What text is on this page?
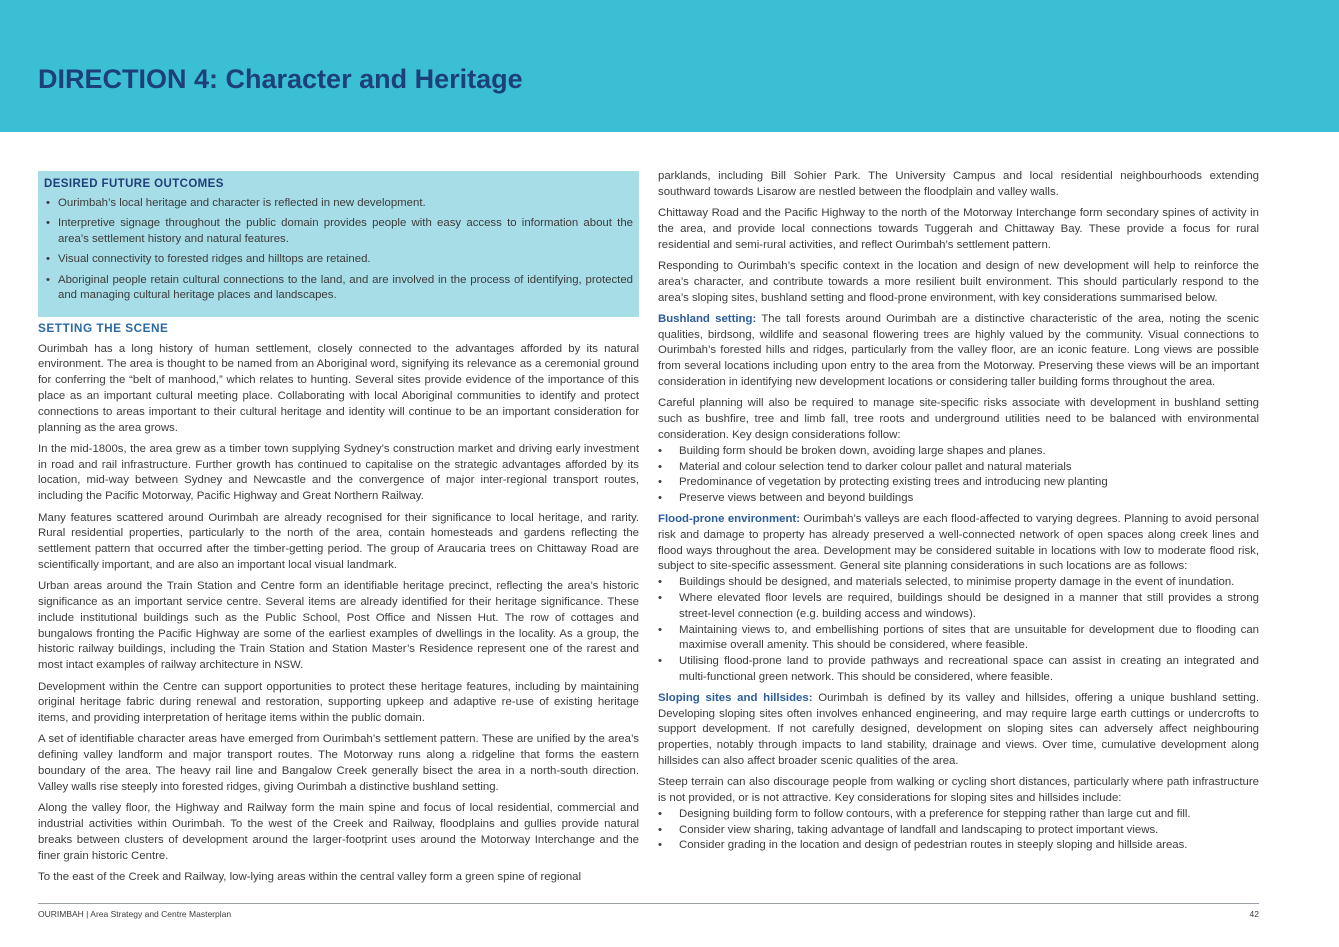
DIRECTION 4: Character and Heritage
DESIRED FUTURE OUTCOMES
• Ourimbah’s local heritage and character is reflected in new development.
• Interpretive signage throughout the public domain provides people with easy access to information about the area’s settlement history and natural features.
• Visual connectivity to forested ridges and hilltops are retained.
• Aboriginal people retain cultural connections to the land, and are involved in the process of identifying, protected and managing cultural heritage places and landscapes.
SETTING THE SCENE

Ourimbah has a long history of human settlement, closely connected to the advantages afforded by its natural environment. The area is thought to be named from an Aboriginal word, signifying its relevance as a ceremonial ground for conferring the “belt of manhood,” which relates to hunting. Several sites provide evidence of the importance of this place as an important cultural meeting place. Collaborating with local Aboriginal communities to identify and protect connections to areas important to their cultural heritage and identity will continue to be an important consideration for planning as the area grows.

In the mid-1800s, the area grew as a timber town supplying Sydney’s construction market and driving early investment in road and rail infrastructure. Further growth has continued to capitalise on the strategic advantages afforded by its location, mid-way between Sydney and Newcastle and the convergence of major inter-regional transport routes, including the Pacific Motorway, Pacific Highway and Great Northern Railway.

Many features scattered around Ourimbah are already recognised for their significance to local heritage, and rarity. Rural residential properties, particularly to the north of the area, contain homesteads and gardens reflecting the settlement pattern that occurred after the timber-getting period. The group of Araucaria trees on Chittaway Road are scientifically important, and are also an important local visual landmark.

Urban areas around the Train Station and Centre form an identifiable heritage precinct, reflecting the area’s historic significance as an important service centre. Several items are already identified for their heritage significance. These include institutional buildings such as the Public School, Post Office and Nissen Hut. The row of cottages and bungalows fronting the Pacific Highway are some of the earliest examples of dwellings in the locality. As a group, the historic railway buildings, including the Train Station and Station Master’s Residence represent one of the rarest and most intact examples of railway architecture in NSW.

Development within the Centre can support opportunities to protect these heritage features, including by maintaining original heritage fabric during renewal and restoration, supporting upkeep and adaptive re-use of existing heritage items, and providing interpretation of heritage items within the public domain.

A set of identifiable character areas have emerged from Ourimbah’s settlement pattern. These are unified by the area’s defining valley landform and major transport routes. The Motorway runs along a ridgeline that forms the eastern boundary of the area. The heavy rail line and Bangalow Creek generally bisect the area in a north-south direction. Valley walls rise steeply into forested ridges, giving Ourimbah a distinctive bushland setting.

Along the valley floor, the Highway and Railway form the main spine and focus of local residential, commercial and industrial activities within Ourimbah. To the west of the Creek and Railway, floodplains and gullies provide natural breaks between clusters of development around the larger-footprint uses around the Motorway Interchange and the finer grain historic Centre.

To the east of the Creek and Railway, low-lying areas within the central valley form a green spine of regional

parklands, including Bill Sohier Park. The University Campus and local residential neighbourhoods extending southward towards Lisarow are nestled between the floodplain and valley walls.

Chittaway Road and the Pacific Highway to the north of the Motorway Interchange form secondary spines of activity in the area, and provide local connections towards Tuggerah and Chittaway Bay. These provide a focus for rural residential and semi-rural activities, and reflect Ourimbah’s settlement pattern.

Responding to Ourimbah’s specific context in the location and design of new development will help to reinforce the area’s character, and contribute towards a more resilient built environment. This should particularly respond to the area’s sloping sites, bushland setting and flood-prone environment, with key considerations summarised below.

Bushland setting: The tall forests around Ourimbah are a distinctive characteristic of the area, noting the scenic qualities, birdsong, wildlife and seasonal flowering trees are highly valued by the community. Visual connections to Ourimbah’s forested hills and ridges, particularly from the valley floor, are an iconic feature. Long views are possible from several locations including upon entry to the area from the Motorway. Preserving these views will be an important consideration in identifying new development locations or considering taller building forms throughout the area.

Careful planning will also be required to manage site-specific risks associate with development in bushland setting such as bushfire, tree and limb fall, tree roots and underground utilities need to be balanced with environmental consideration. Key design considerations follow:

• Building form should be broken down, avoiding large shapes and planes.
• Material and colour selection tend to darker colour pallet and natural materials
• Predominance of vegetation by protecting existing trees and introducing new planting
• Preserve views between and beyond buildings

Flood-prone environment: Ourimbah’s valleys are each flood-affected to varying degrees. Planning to avoid personal risk and damage to property has already preserved a well-connected network of open spaces along creek lines and flood ways throughout the area. Development may be considered suitable in locations with low to moderate flood risk, subject to site-specific assessment. General site planning considerations in such locations are as follows:

• Buildings should be designed, and materials selected, to minimise property damage in the event of inundation.
• Where elevated floor levels are required, buildings should be designed in a manner that still provides a strong street-level connection (e.g. building access and windows).
• Maintaining views to, and embellishing portions of sites that are unsuitable for development due to flooding can maximise overall amenity. This should be considered, where feasible.
• Utilising flood-prone land to provide pathways and recreational space can assist in creating an integrated and multi-functional green network. This should be considered, where feasible.

Sloping sites and hillsides: Ourimbah is defined by its valley and hillsides, offering a unique bushland setting. Developing sloping sites often involves enhanced engineering, and may require large earth cuttings or undercrofts to support development. If not carefully designed, development on sloping sites can adversely affect neighbouring properties, notably through impacts to land stability, drainage and views. Over time, cumulative development along hillsides can also affect broader scenic qualities of the area.

Steep terrain can also discourage people from walking or cycling short distances, particularly where path infrastructure is not provided, or is not attractive. Key considerations for sloping sites and hillsides include:

• Designing building form to follow contours, with a preference for stepping rather than large cut and fill.
• Consider view sharing, taking advantage of landfall and landscaping to protect important views.
• Consider grading in the location and design of pedestrian routes in steeply sloping and hillside areas.
OURIMBAH | Area Strategy and Centre Masterplan	42
